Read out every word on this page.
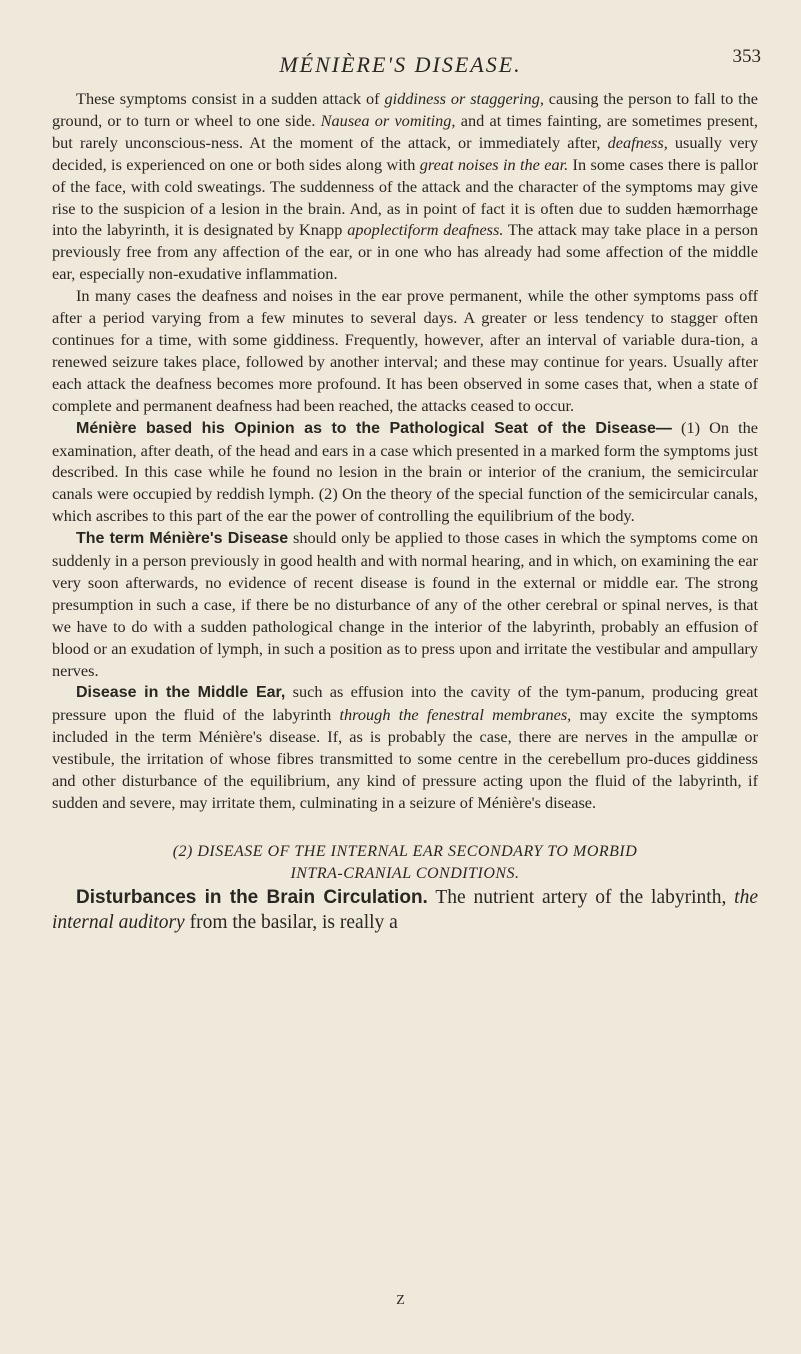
MÉNIÈRE'S DISEASE.	353

These symptoms consist in a sudden attack of giddiness or staggering, causing the person to fall to the ground, or to turn or wheel to one side. Nausea or vomiting, and at times fainting, are sometimes present, but rarely unconscious-ness. At the moment of the attack, or immediately after, deafness, usually very decided, is experienced on one or both sides along with great noises in the ear. In some cases there is pallor of the face, with cold sweatings. The suddenness of the attack and the character of the symptoms may give rise to the suspicion of a lesion in the brain. And, as in point of fact it is often due to sudden hæmorrhage into the labyrinth, it is designated by Knapp apoplectiform deafness. The attack may take place in a person previously free from any affection of the ear, or in one who has already had some affection of the middle ear, especially non-exudative inflammation.

In many cases the deafness and noises in the ear prove permanent, while the other symptoms pass off after a period varying from a few minutes to several days. A greater or less tendency to stagger often continues for a time, with some giddiness. Frequently, however, after an interval of variable dura-tion, a renewed seizure takes place, followed by another interval; and these may continue for years. Usually after each attack the deafness becomes more profound. It has been observed in some cases that, when a state of complete and permanent deafness had been reached, the attacks ceased to occur.

Ménière based his Opinion as to the Pathological Seat of the Disease— (1) On the examination, after death, of the head and ears in a case which presented in a marked form the symptoms just described. In this case while he found no lesion in the brain or interior of the cranium, the semicircular canals were occupied by reddish lymph. (2) On the theory of the special function of the semicircular canals, which ascribes to this part of the ear the power of controlling the equilibrium of the body.

The term Ménière's Disease should only be applied to those cases in which the symptoms come on suddenly in a person previously in good health and with normal hearing, and in which, on examining the ear very soon afterwards, no evidence of recent disease is found in the external or middle ear. The strong presumption in such a case, if there be no disturbance of any of the other cerebral or spinal nerves, is that we have to do with a sudden pathological change in the interior of the labyrinth, probably an effusion of blood or an exudation of lymph, in such a position as to press upon and irritate the vestibular and ampullary nerves.

Disease in the Middle Ear, such as effusion into the cavity of the tym-panum, producing great pressure upon the fluid of the labyrinth through the fenestral membranes, may excite the symptoms included in the term Ménière's disease. If, as is probably the case, there are nerves in the ampullæ or vestibule, the irritation of whose fibres transmitted to some centre in the cerebellum pro-duces giddiness and other disturbance of the equilibrium, any kind of pressure acting upon the fluid of the labyrinth, if sudden and severe, may irritate them, culminating in a seizure of Ménière's disease.

(2) DISEASE OF THE INTERNAL EAR SECONDARY TO MORBID
INTRA-CRANIAL CONDITIONS.

Disturbances in the Brain Circulation. The nutrient artery of the labyrinth, the internal auditory from the basilar, is really a

Z
